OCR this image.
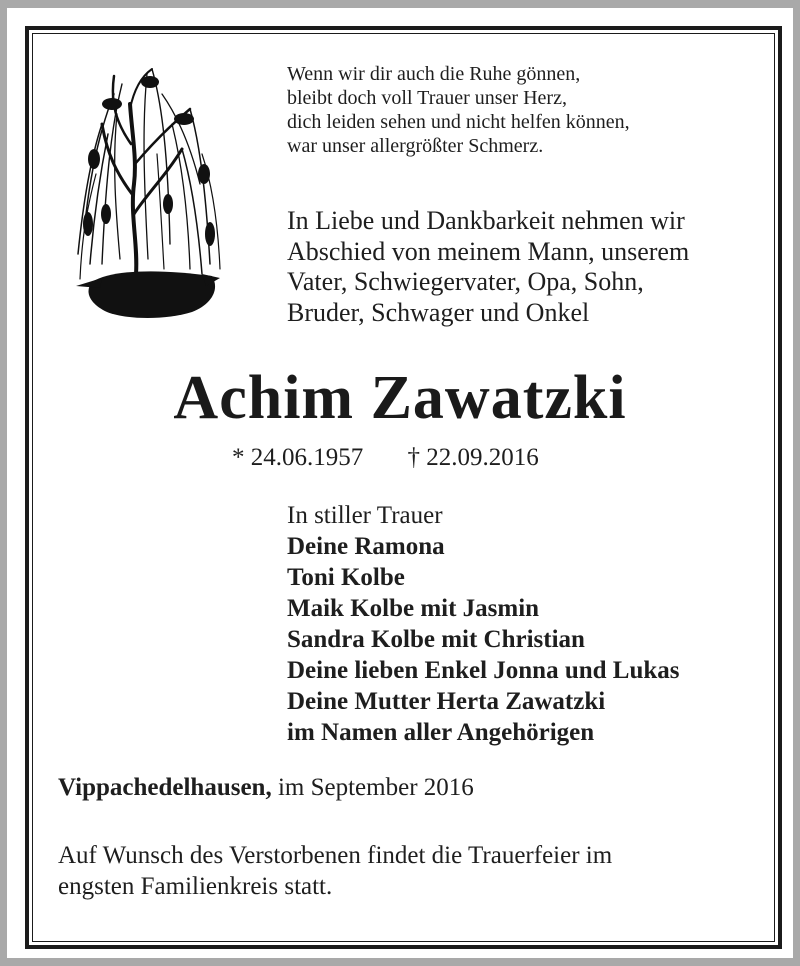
Wenn wir dir auch die Ruhe gönnen,
bleibt doch voll Trauer unser Herz,
dich leiden sehen und nicht helfen können,
war unser allergrößter Schmerz.
In Liebe und Dankbarkeit nehmen wir
Abschied von meinem Mann, unserem
Vater, Schwiegervater, Opa, Sohn,
Bruder, Schwager und Onkel
Achim Zawatzki
* 24.06.1957 † 22.09.2016
In stiller Trauer
Deine Ramona
Toni Kolbe
Maik Kolbe mit Jasmin
Sandra Kolbe mit Christian
Deine lieben Enkel Jonna und Lukas
Deine Mutter Herta Zawatzki
im Namen aller Angehörigen
Vippachedelhausen, im September 2016
Auf Wunsch des Verstorbenen findet die Trauerfeier im
engsten Familienkreis statt.
